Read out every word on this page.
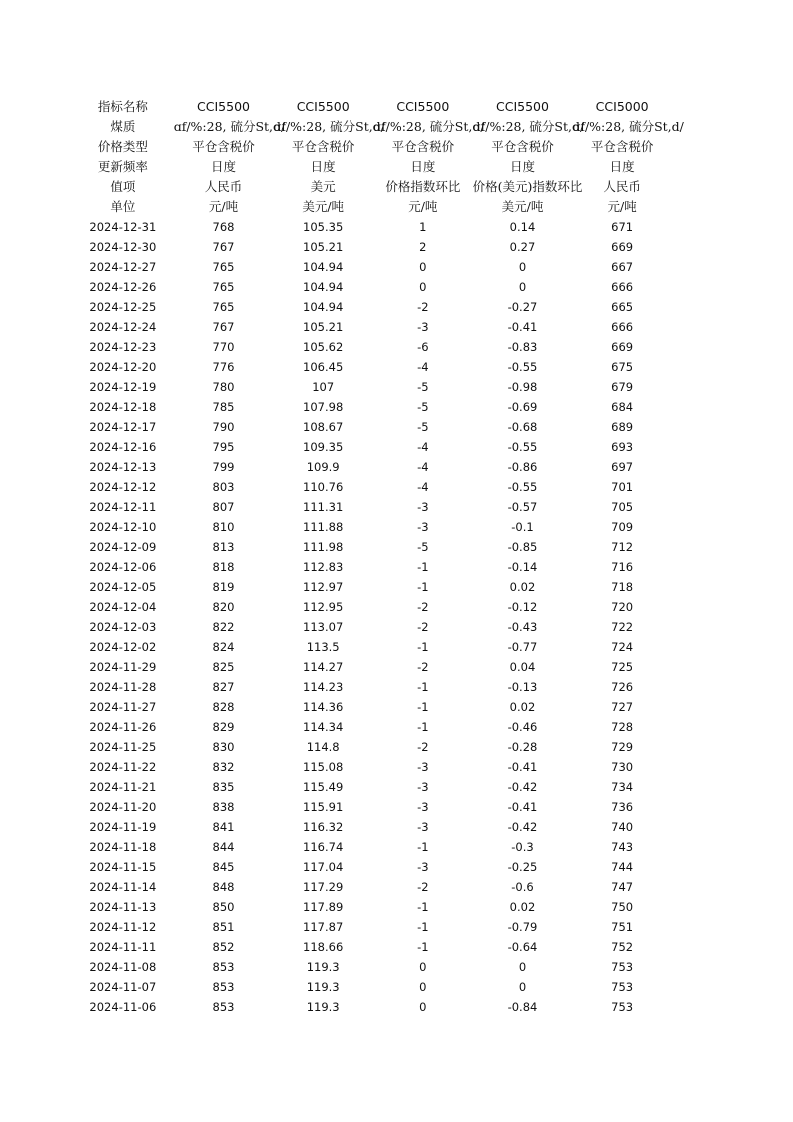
指标名称	CCI5500	CCI5500	CCI5500	CCI5500	CCI5000
煤质	ɑf/%:28, 硫分St,d/	ɑf/%:28, 硫分St,d/	ɑf/%:28, 硫分St,d/	ɑf/%:28, 硫分St,d/	ɑf/%:28, 硫分St,d/
价格类型	平仓含税价	平仓含税价	平仓含税价	平仓含税价	平仓含税价
更新频率	日度	日度	日度	日度	日度
值项	人民币	美元	价格指数环比	价格(美元)指数环比	人民币
单位	元/吨	美元/吨	元/吨	美元/吨	元/吨
2024-12-31	768	105.35	1	0.14	671
2024-12-30	767	105.21	2	0.27	669
2024-12-27	765	104.94	0	0	667
2024-12-26	765	104.94	0	0	666
2024-12-25	765	104.94	-2	-0.27	665
2024-12-24	767	105.21	-3	-0.41	666
2024-12-23	770	105.62	-6	-0.83	669
2024-12-20	776	106.45	-4	-0.55	675
2024-12-19	780	107	-5	-0.98	679
2024-12-18	785	107.98	-5	-0.69	684
2024-12-17	790	108.67	-5	-0.68	689
2024-12-16	795	109.35	-4	-0.55	693
2024-12-13	799	109.9	-4	-0.86	697
2024-12-12	803	110.76	-4	-0.55	701
2024-12-11	807	111.31	-3	-0.57	705
2024-12-10	810	111.88	-3	-0.1	709
2024-12-09	813	111.98	-5	-0.85	712
2024-12-06	818	112.83	-1	-0.14	716
2024-12-05	819	112.97	-1	0.02	718
2024-12-04	820	112.95	-2	-0.12	720
2024-12-03	822	113.07	-2	-0.43	722
2024-12-02	824	113.5	-1	-0.77	724
2024-11-29	825	114.27	-2	0.04	725
2024-11-28	827	114.23	-1	-0.13	726
2024-11-27	828	114.36	-1	0.02	727
2024-11-26	829	114.34	-1	-0.46	728
2024-11-25	830	114.8	-2	-0.28	729
2024-11-22	832	115.08	-3	-0.41	730
2024-11-21	835	115.49	-3	-0.42	734
2024-11-20	838	115.91	-3	-0.41	736
2024-11-19	841	116.32	-3	-0.42	740
2024-11-18	844	116.74	-1	-0.3	743
2024-11-15	845	117.04	-3	-0.25	744
2024-11-14	848	117.29	-2	-0.6	747
2024-11-13	850	117.89	-1	0.02	750
2024-11-12	851	117.87	-1	-0.79	751
2024-11-11	852	118.66	-1	-0.64	752
2024-11-08	853	119.3	0	0	753
2024-11-07	853	119.3	0	0	753
2024-11-06	853	119.3	0	-0.84	753
